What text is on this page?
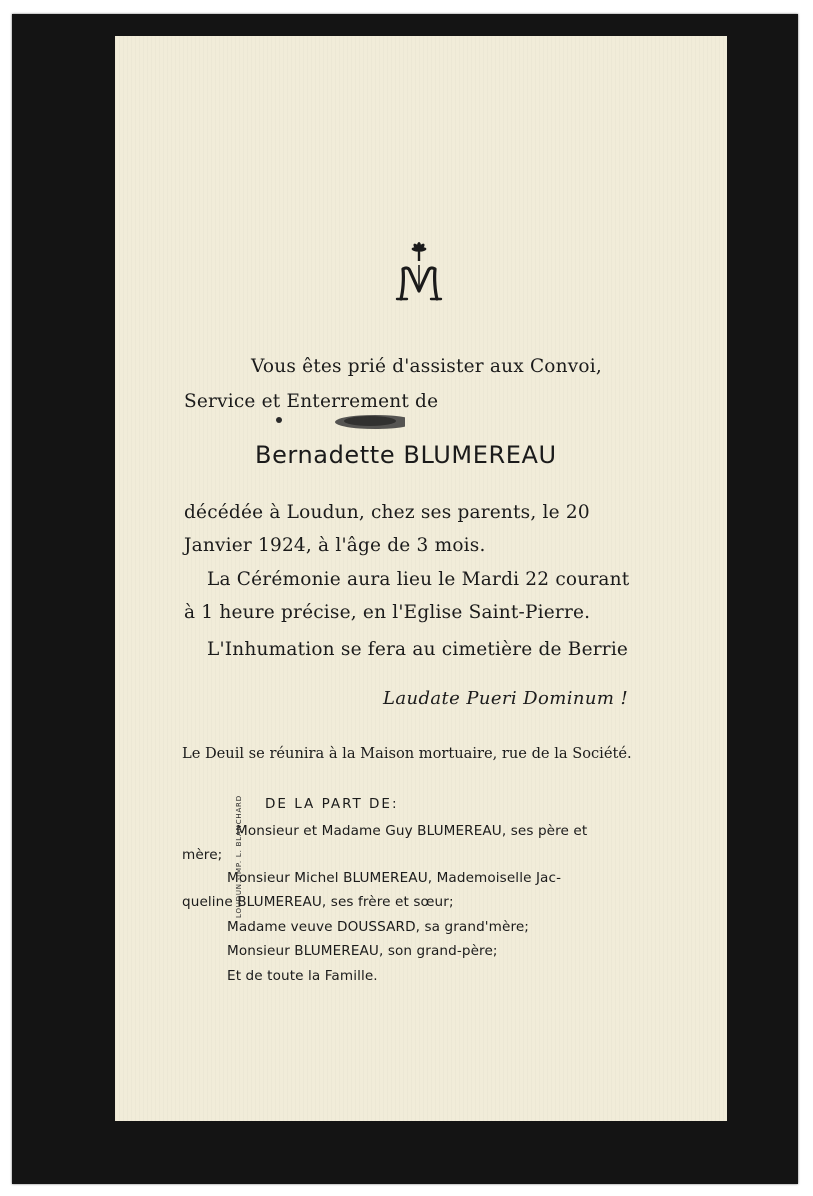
Vous êtes prié d'assister aux Convoi,
Service et Enterrement de
Bernadette BLUMEREAU
décédée à Loudun, chez ses parents, le 20
Janvier 1924, à l'âge de 3 mois.
La Cérémonie aura lieu le Mardi 22 courant
à 1 heure précise, en l'Eglise Saint-Pierre.
L'Inhumation se fera au cimetière de Berrie
Laudate Pueri Dominum !
Le Deuil se réunira à la Maison mortuaire, rue de la Société.
DE LA PART DE:
Monsieur et Madame Guy BLUMEREAU, ses père et
mère;
Monsieur Michel BLUMEREAU, Mademoiselle Jac-
queline BLUMEREAU, ses frère et sœur;
Madame veuve DOUSSARD, sa grand'mère;
Monsieur BLUMEREAU, son grand-père;
Et de toute la Famille.
LOUDUN.-IMP. L. BLANCHARD
